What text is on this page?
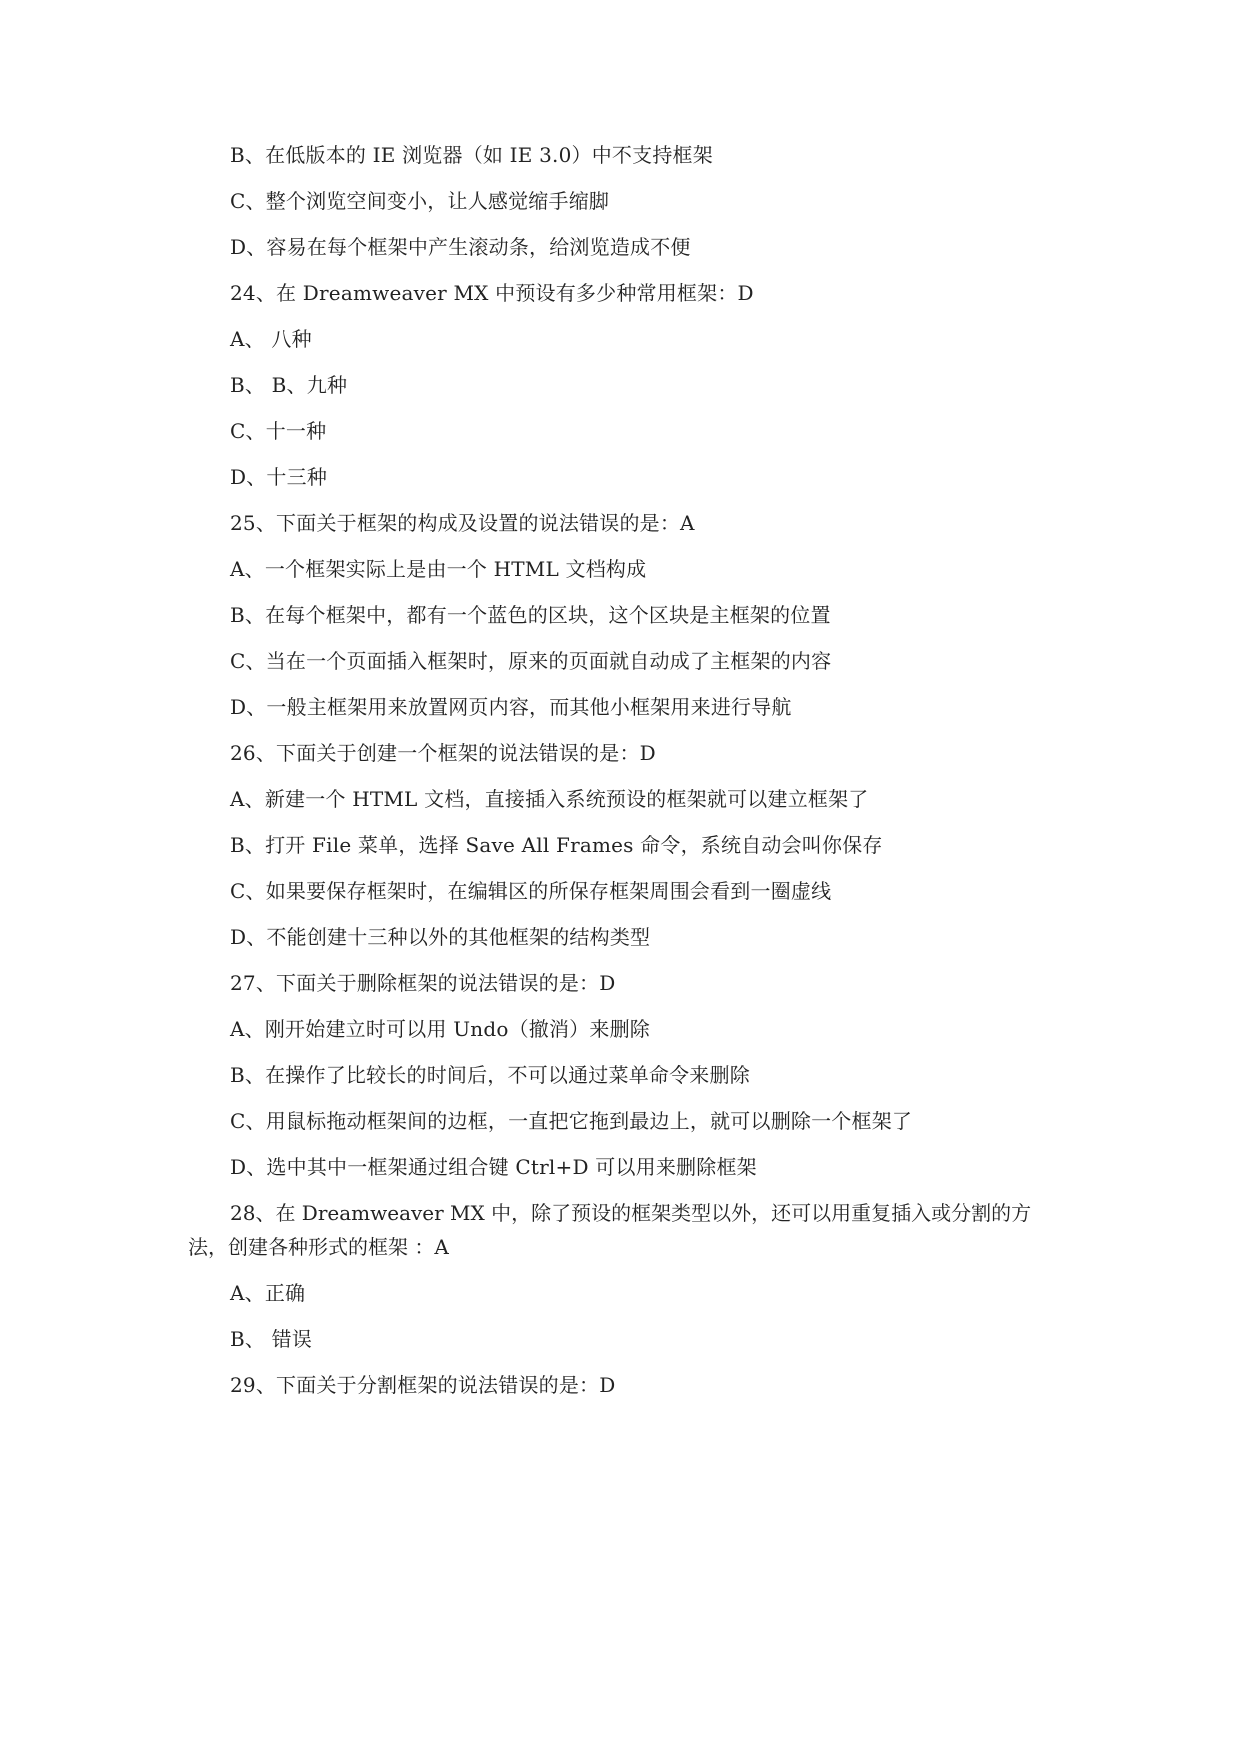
B、在低版本的 IE 浏览器（如 IE 3.0）中不支持框架
C、整个浏览空间变小，让人感觉缩手缩脚
D、容易在每个框架中产生滚动条，给浏览造成不便
24、在 Dreamweaver MX 中预设有多少种常用框架：D
A、 八种
B、 B、九种
C、十一种
D、十三种
25、下面关于框架的构成及设置的说法错误的是：A
A、一个框架实际上是由一个 HTML 文档构成
B、在每个框架中，都有一个蓝色的区块，这个区块是主框架的位置
C、当在一个页面插入框架时，原来的页面就自动成了主框架的内容
D、一般主框架用来放置网页内容，而其他小框架用来进行导航
26、下面关于创建一个框架的说法错误的是：D
A、新建一个 HTML 文档，直接插入系统预设的框架就可以建立框架了
B、打开 File 菜单，选择 Save All Frames 命令，系统自动会叫你保存
C、如果要保存框架时，在编辑区的所保存框架周围会看到一圈虚线
D、不能创建十三种以外的其他框架的结构类型
27、下面关于删除框架的说法错误的是：D
A、刚开始建立时可以用 Undo（撤消）来删除
B、在操作了比较长的时间后，不可以通过菜单命令来删除
C、用鼠标拖动框架间的边框，一直把它拖到最边上，就可以删除一个框架了
D、选中其中一框架通过组合键 Ctrl+D 可以用来删除框架
28、在 Dreamweaver MX 中，除了预设的框架类型以外，还可以用重复插入或分割的方
法，创建各种形式的框架 ：A
A、正确
B、 错误
29、下面关于分割框架的说法错误的是：D
